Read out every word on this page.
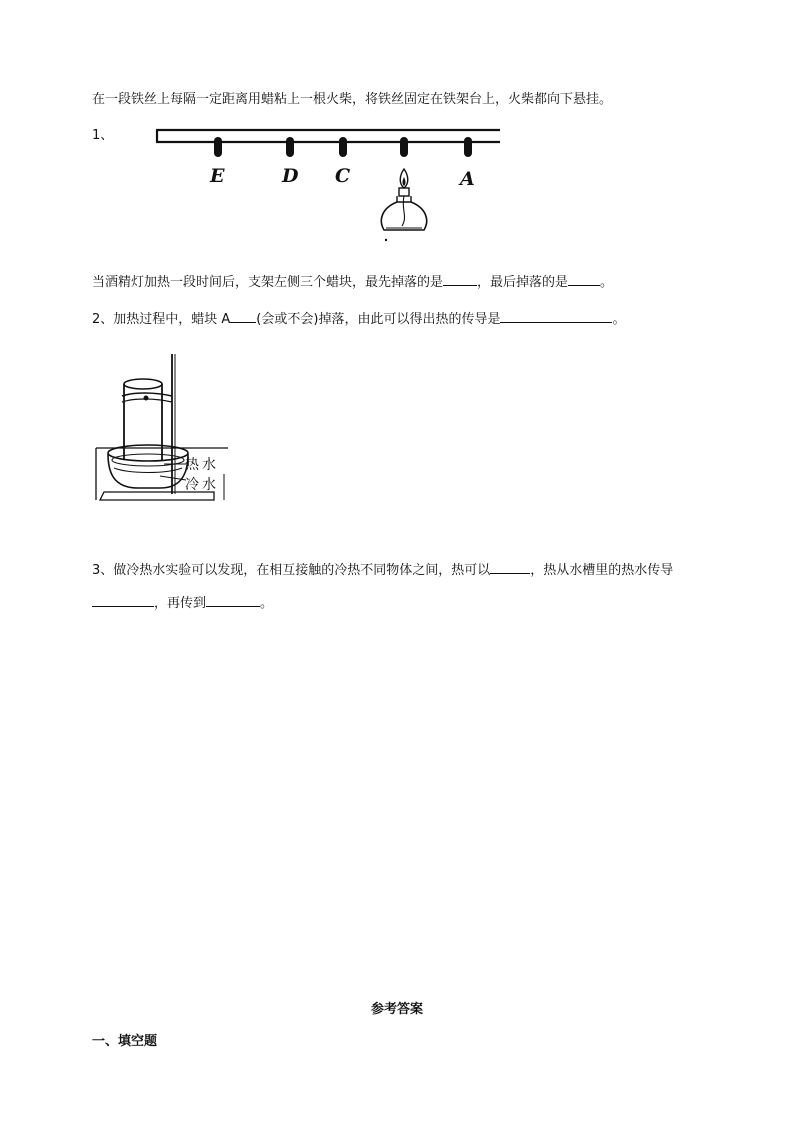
在一段铁丝上每隔一定距离用蜡粘上一根火柴，将铁丝固定在铁架台上，火柴都向下悬挂。
1、
E	D C	A
当酒精灯加热一段时间后，支架左侧三个蜡块，最先掉落的是	，最后掉落的是 。
2、加热过程中，蜡块 A (会或不会)掉落，由此可以得出热的传导是	。
热水
冷水
3、做冷热水实验可以发现，在相互接触的冷热不同物体之间，热可以	，热从水槽里的热水传导
，再传到	。
参考答案
一、填空题
